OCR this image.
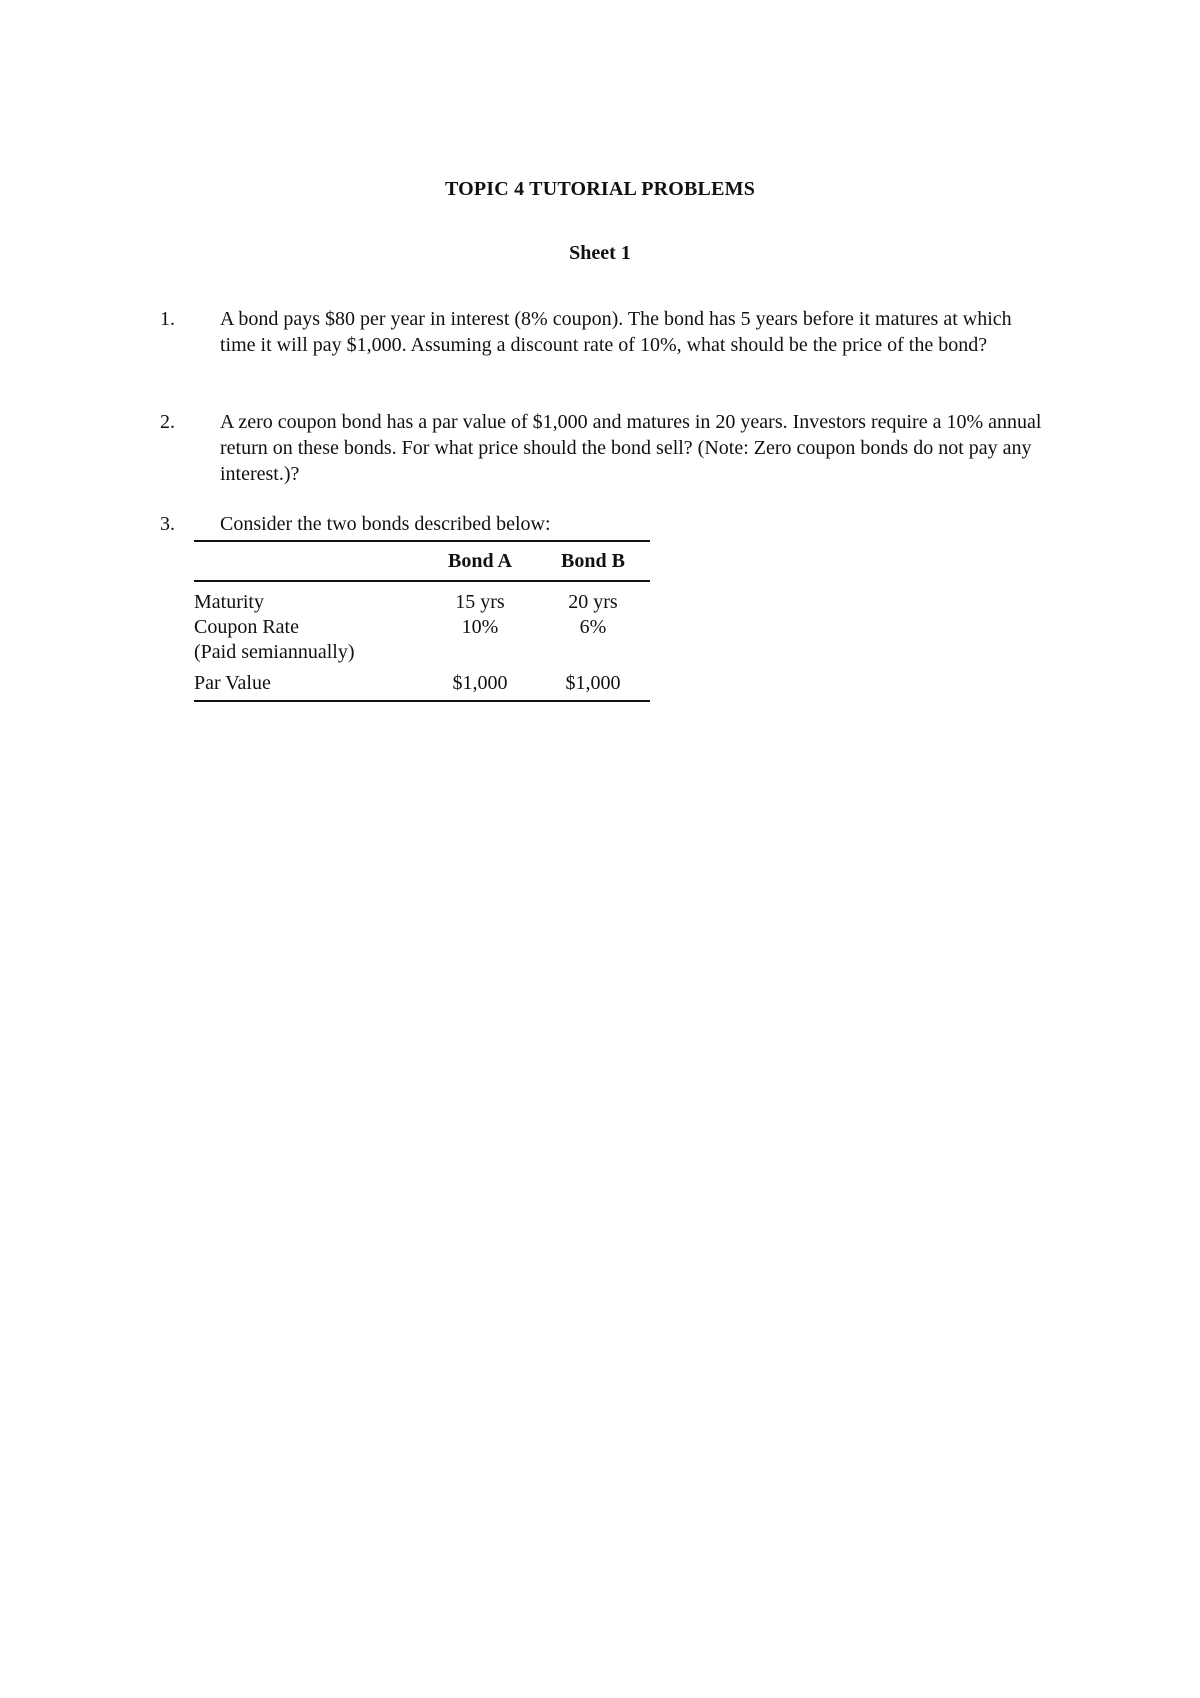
TOPIC 4 TUTORIAL PROBLEMS
Sheet 1
1. A bond pays $80 per year in interest (8% coupon). The bond has 5 years before it matures at which time it will pay $1,000. Assuming a discount rate of 10%, what should be the price of the bond?
2. A zero coupon bond has a par value of $1,000 and matures in 20 years. Investors require a 10% annual return on these bonds. For what price should the bond sell? (Note: Zero coupon bonds do not pay any interest.)?
3. Consider the two bonds described below:
	Bond A	Bond B
Maturity	15 yrs	20 yrs

Coupon Rate
(Paid semiannually)	10%	6%
Par Value	$1,000	$1,000
